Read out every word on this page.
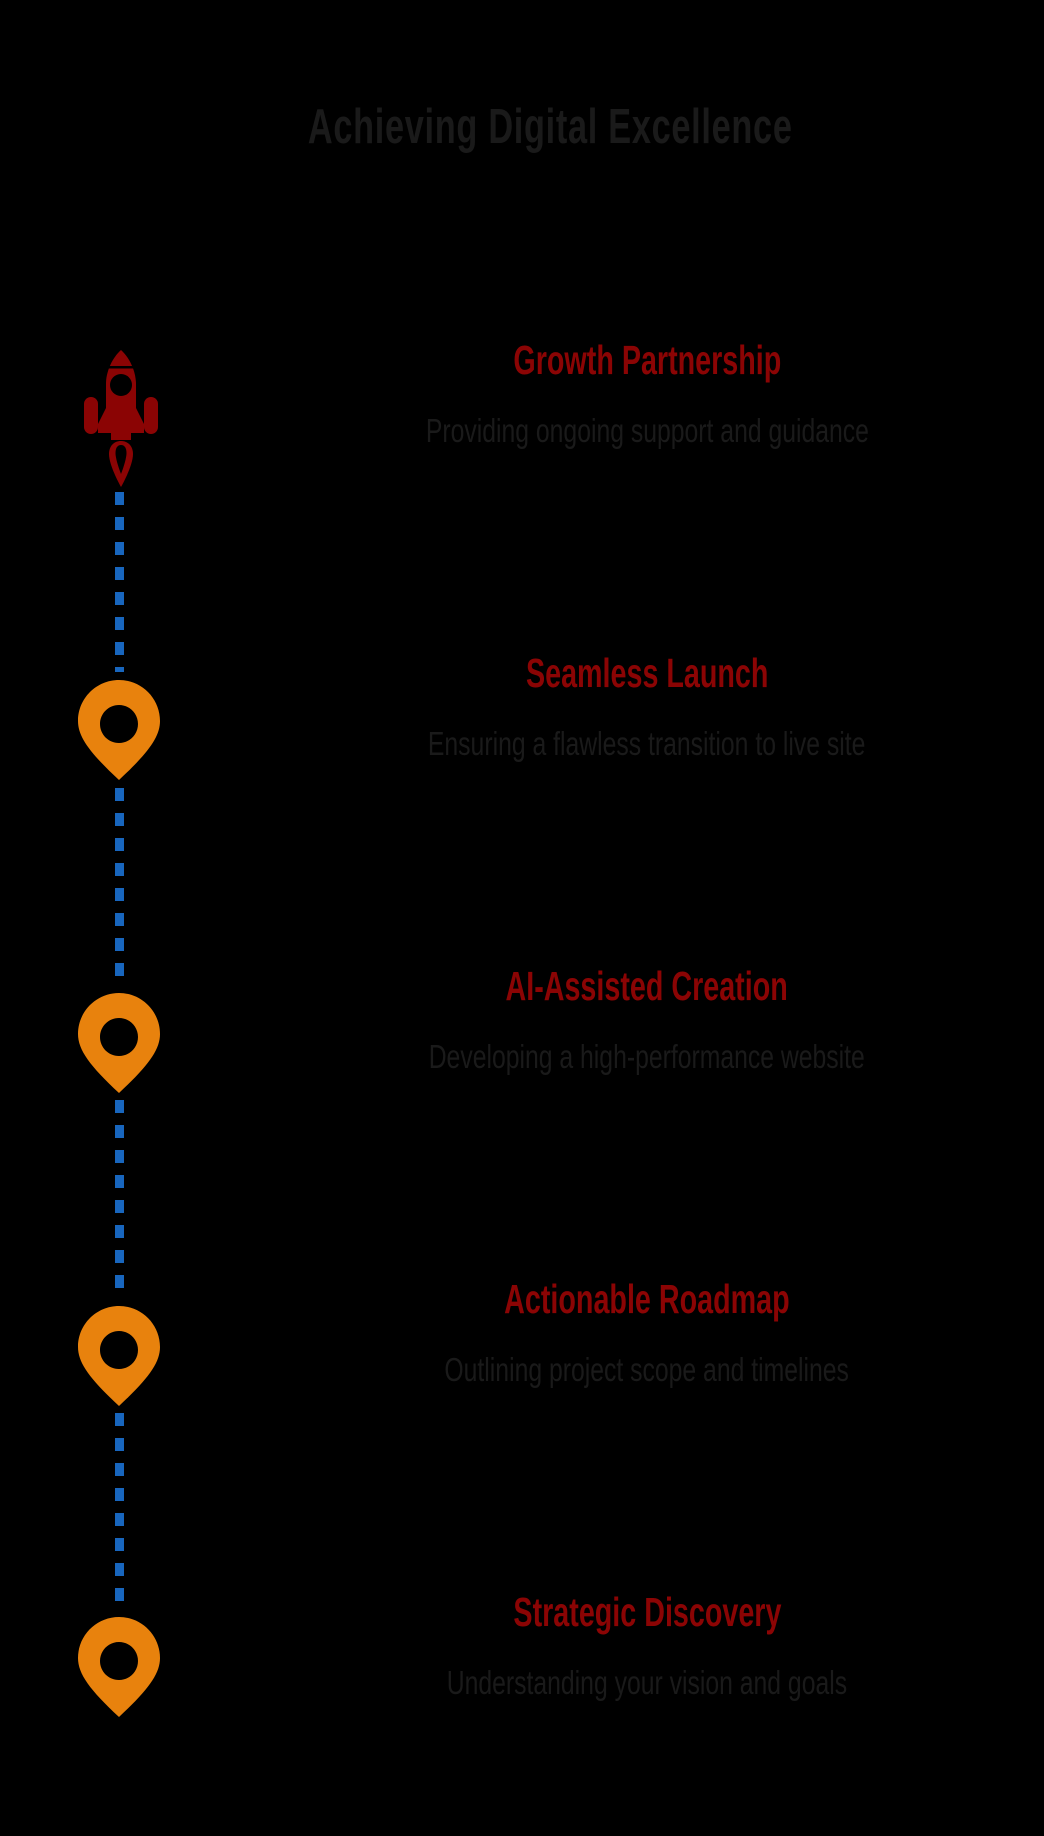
Achieving Digital Excellence
Growth Partnership

Providing ongoing support and guidance

Seamless Launch

Ensuring a flawless transition to live site

AI-Assisted Creation

Developing a high-performance website

Actionable Roadmap

Outlining project scope and timelines

Strategic Discovery

Understanding your vision and goals
